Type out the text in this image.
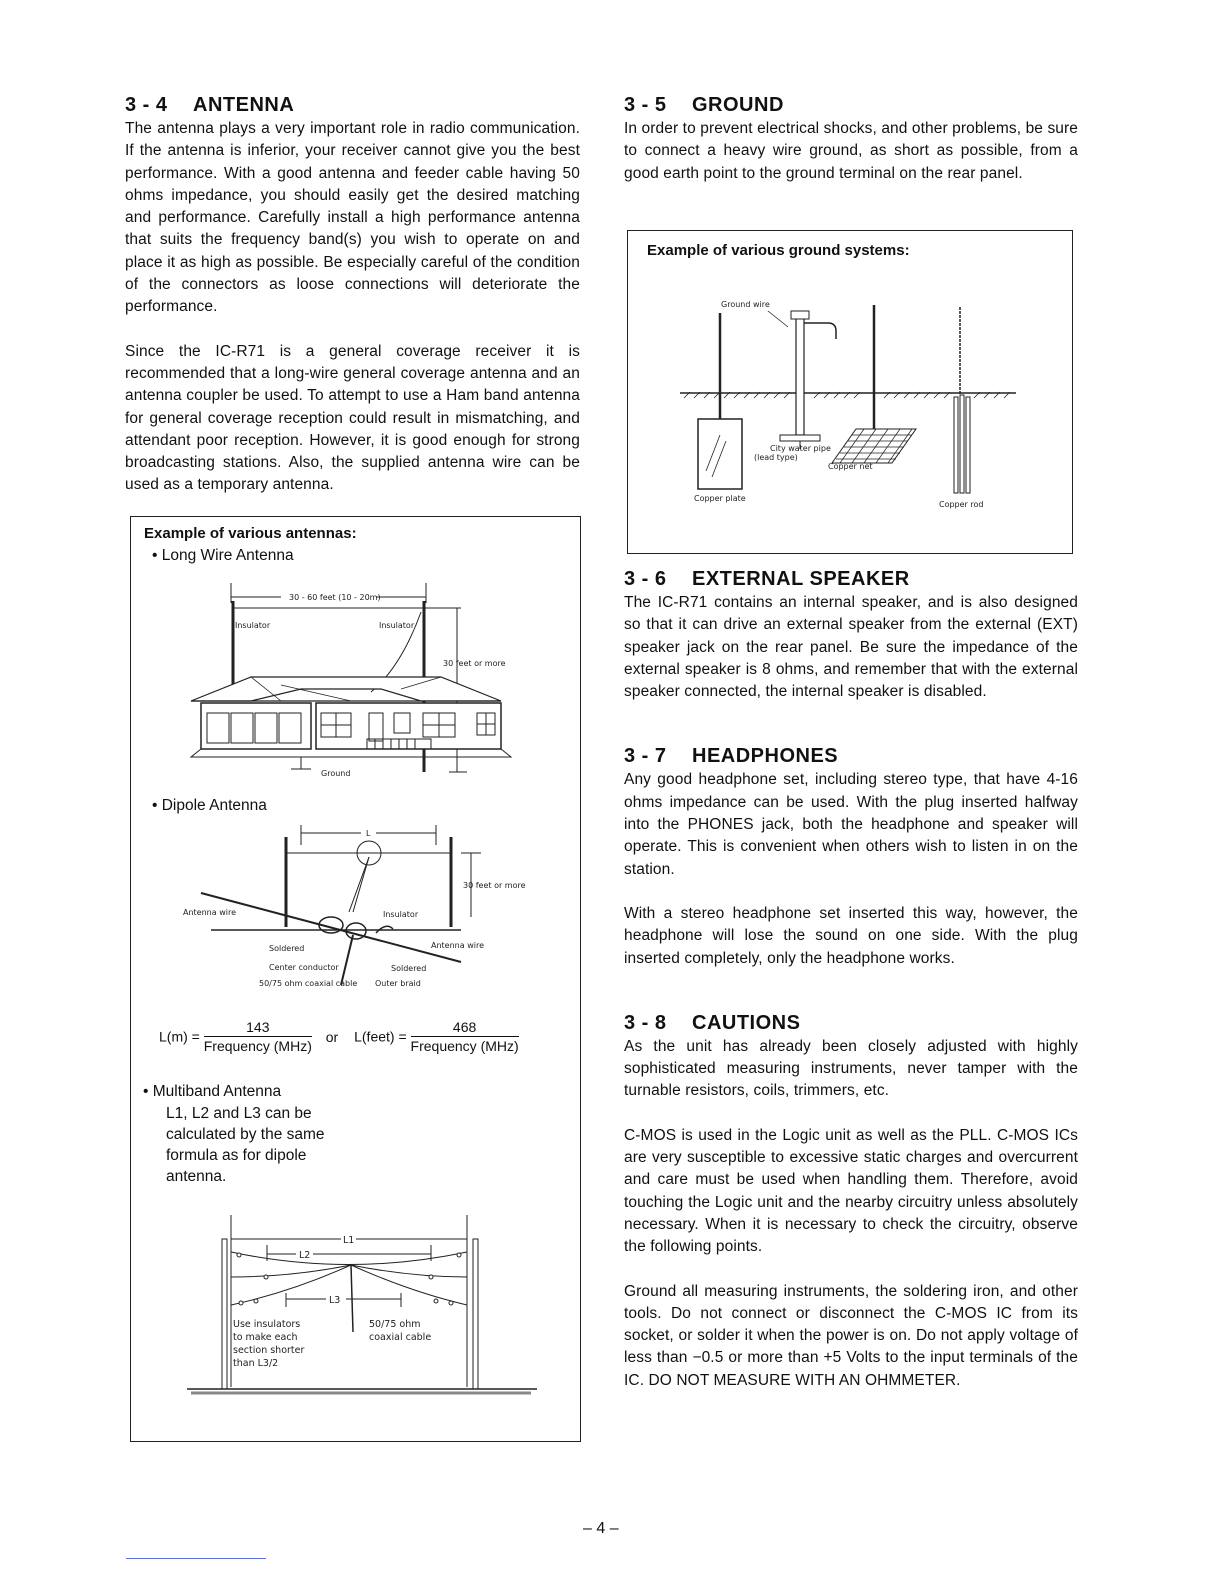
3 - 4 ANTENNA

The antenna plays a very important role in radio communication. If the antenna is inferior, your receiver cannot give you the best performance. With a good antenna and feeder cable having 50 ohms impedance, you should easily get the desired matching and performance. Carefully install a high performance antenna that suits the frequency band(s) you wish to operate on and place it as high as possible. Be especially careful of the condition of the connectors as loose connections will deteriorate the performance.

Since the IC-R71 is a general coverage receiver it is recommended that a long-wire general coverage antenna and an antenna coupler be used. To attempt to use a Ham band antenna for general coverage reception could result in mismatching, and attendant poor reception. However, it is good enough for strong broadcasting stations. Also, the supplied antenna wire can be used as a temporary antenna.

Example of various antennas:
• Long Wire Antenna
30 - 60 feet (10 - 20m)
Insulator	Insulator
30 feet or more
Ground
• Dipole Antenna
L
30 feet or more
Antenna wire	Insulator
Soldered	Antenna wire
Center conductor	Soldered
50/75 ohm coaxial cable Outer braid
$L(m) = \frac{143}{\text{Frequency (MHz)}}$ or L(feet) = $\frac{468}{\text{Frequency (MHz)}}$
• Multiband Antenna
L1, L2 and L3 can be
calculated by the same
formula as for dipole
antenna.
L1
L2
L3
Use insulators
to make each
section shorter
than L3/2
50/75 ohm
coaxial cable
3 - 5 GROUND

In order to prevent electrical shocks, and other problems, be sure to connect a heavy wire ground, as short as possible, from a good earth point to the ground terminal on the rear panel.

Example of various ground systems:
Ground wire
Copper plate
City water pipe
(lead type)
Copper net
Copper rod
3 - 6 EXTERNAL SPEAKER

The IC-R71 contains an internal speaker, and is also designed so that it can drive an external speaker from the external (EXT) speaker jack on the rear panel. Be sure the impedance of the external speaker is 8 ohms, and remember that with the external speaker connected, the internal speaker is disabled.

3 - 7 HEADPHONES

Any good headphone set, including stereo type, that have 4-16 ohms impedance can be used. With the plug inserted halfway into the PHONES jack, both the headphone and speaker will operate. This is convenient when others wish to listen in on the station.

With a stereo headphone set inserted this way, however, the headphone will lose the sound on one side. With the plug inserted completely, only the headphone works.

3 - 8 CAUTIONS

As the unit has already been closely adjusted with highly sophisticated measuring instruments, never tamper with the turnable resistors, coils, trimmers, etc.

C-MOS is used in the Logic unit as well as the PLL. C-MOS ICs are very susceptible to excessive static charges and overcurrent and care must be used when handling them. Therefore, avoid touching the Logic unit and the nearby circuitry unless absolutely necessary. When it is necessary to check the circuitry, observe the following points.

Ground all measuring instruments, the soldering iron, and other tools. Do not connect or disconnect the C-MOS IC from its socket, or solder it when the power is on. Do not apply voltage of less than −0.5 or more than +5 Volts to the input terminals of the IC. DO NOT MEASURE WITH AN OHMMETER.

– 4 –
